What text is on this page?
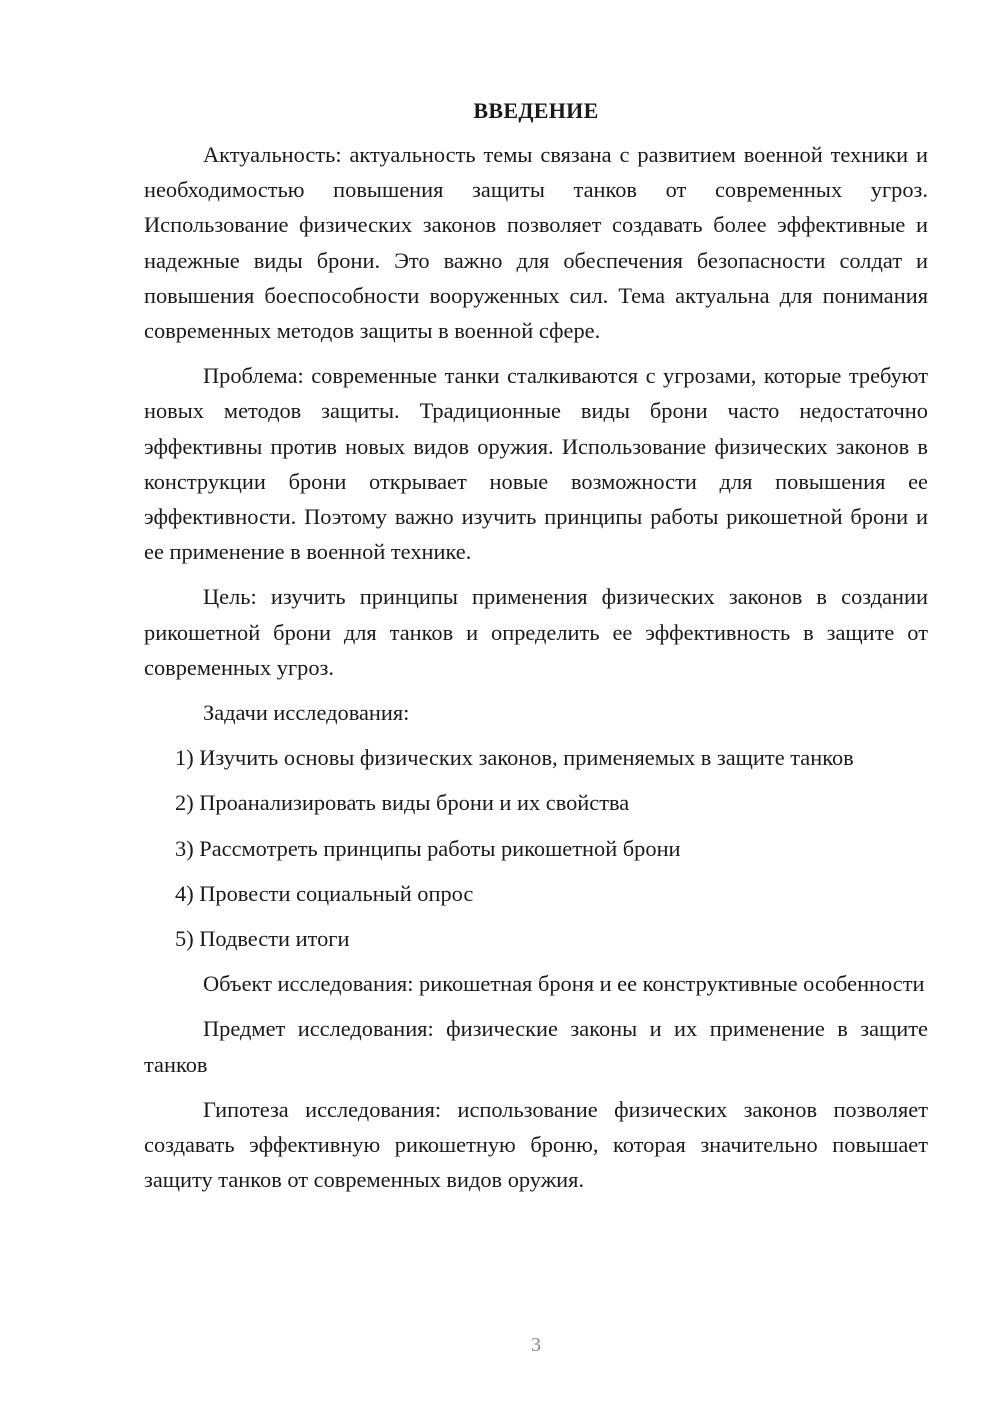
ВВЕДЕНИЕ

Актуальность: актуальность темы связана с развитием военной техники и необходимостью повышения защиты танков от современных угроз. Использование физических законов позволяет создавать более эффективные и надежные виды брони. Это важно для обеспечения безопасности солдат и повышения боеспособности вооруженных сил. Тема актуальна для понимания современных методов защиты в военной сфере.

Проблема: современные танки сталкиваются с угрозами, которые требуют новых методов защиты. Традиционные виды брони часто недостаточно эффективны против новых видов оружия. Использование физических законов в конструкции брони открывает новые возможности для повышения ее эффективности. Поэтому важно изучить принципы работы рикошетной брони и ее применение в военной технике.

Цель: изучить принципы применения физических законов в создании рикошетной брони для танков и определить ее эффективность в защите от современных угроз.

Задачи исследования:

1) Изучить основы физических законов, применяемых в защите танков
2) Проанализировать виды брони и их свойства
3) Рассмотреть принципы работы рикошетной брони
4) Провести социальный опрос
5) Подвести итоги

Объект исследования: рикошетная броня и ее конструктивные особенности

Предмет исследования: физические законы и их применение в защите танков

Гипотеза исследования: использование физических законов позволяет создавать эффективную рикошетную броню, которая значительно повышает защиту танков от современных видов оружия.

3
